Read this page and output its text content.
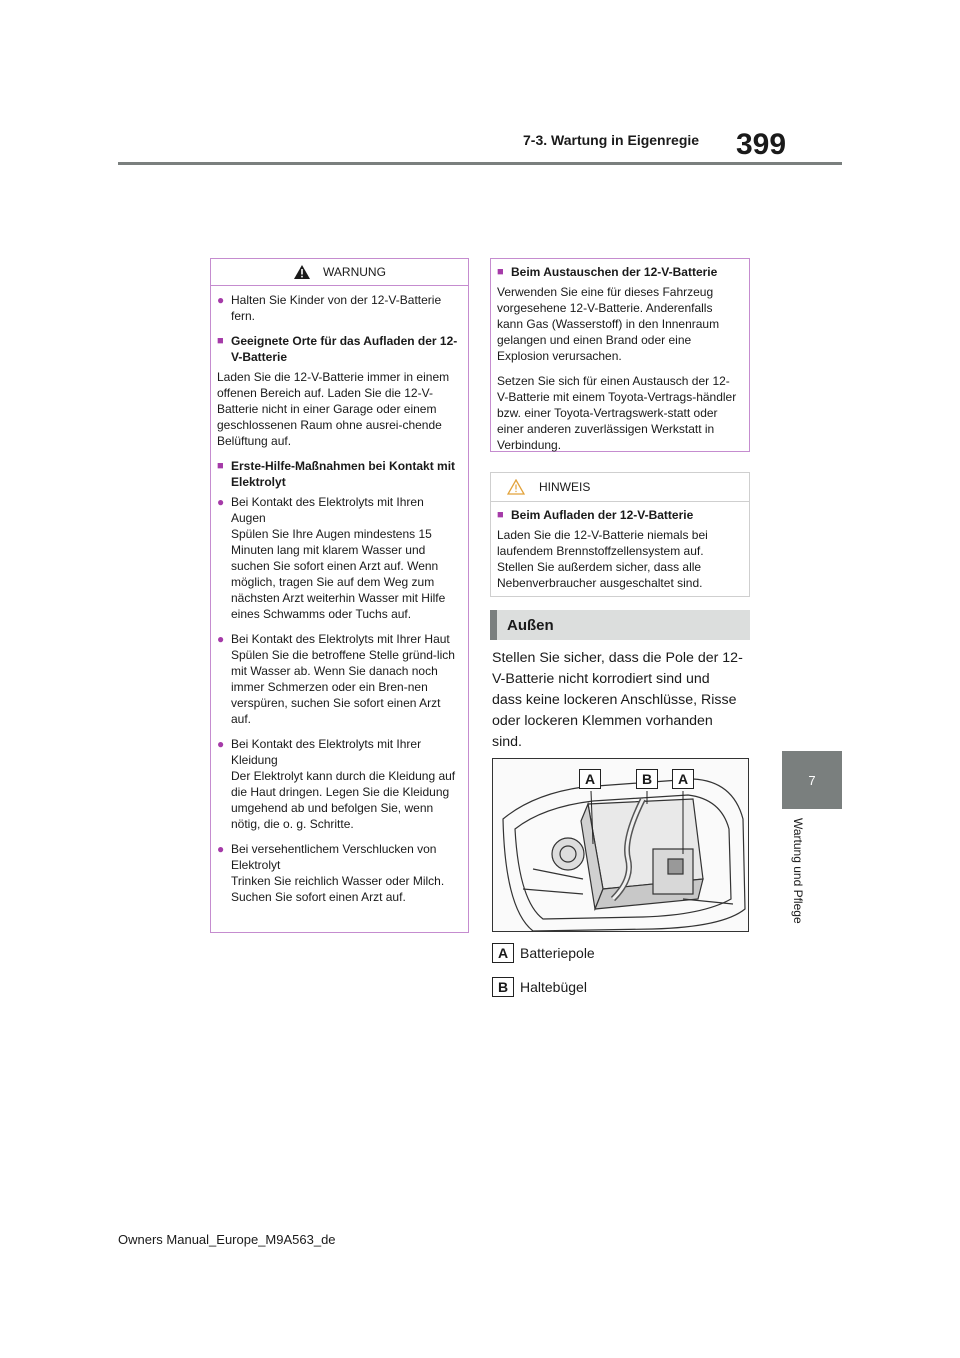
399
7-3. Wartung in Eigenregie
7
Wartung und Pflege
WARNUNG
● Halten Sie Kinder von der 12-V-Batterie fern.
■ Geeignete Orte für das Aufladen der 12-V-Batterie
Laden Sie die 12-V-Batterie immer in einem offenen Bereich auf. Laden Sie die 12-V-Batterie nicht in einer Garage oder einem geschlossenen Raum ohne ausrei-chende Belüftung auf.
■ Erste-Hilfe-Maßnahmen bei Kontakt mit Elektrolyt
● Bei Kontakt des Elektrolyts mit Ihren Augen
Spülen Sie Ihre Augen mindestens 15 Minuten lang mit klarem Wasser und suchen Sie sofort einen Arzt auf. Wenn möglich, tragen Sie auf dem Weg zum nächsten Arzt weiterhin Wasser mit Hilfe eines Schwamms oder Tuchs auf.
● Bei Kontakt des Elektrolyts mit Ihrer Haut
Spülen Sie die betroffene Stelle gründ-lich mit Wasser ab. Wenn Sie danach noch immer Schmerzen oder ein Bren-nen verspüren, suchen Sie sofort einen Arzt auf.
● Bei Kontakt des Elektrolyts mit Ihrer Kleidung
Der Elektrolyt kann durch die Kleidung auf die Haut dringen. Legen Sie die Kleidung umgehend ab und befolgen Sie, wenn nötig, die o. g. Schritte.
● Bei versehentlichem Verschlucken von Elektrolyt
Trinken Sie reichlich Wasser oder Milch. Suchen Sie sofort einen Arzt auf.
■ Beim Austauschen der 12-V-Batterie
Verwenden Sie eine für dieses Fahrzeug vorgesehene 12-V-Batterie. Anderenfalls kann Gas (Wasserstoff) in den Innenraum gelangen und einen Brand oder eine Explosion verursachen.
Setzen Sie sich für einen Austausch der 12-V-Batterie mit einem Toyota-Vertrags-händler bzw. einer Toyota-Vertragswerk-statt oder einer anderen zuverlässigen Werkstatt in Verbindung.
HINWEIS
■ Beim Aufladen der 12-V-Batterie
Laden Sie die 12-V-Batterie niemals bei laufendem Brennstoffzellensystem auf. Stellen Sie außerdem sicher, dass alle Nebenverbraucher ausgeschaltet sind.
Außen
Stellen Sie sicher, dass die Pole der 12-
V-Batterie nicht korrodiert sind und
dass keine lockeren Anschlüsse, Risse
oder lockeren Klemmen vorhanden
sind.
A	B	A
A Batteriepole
B Haltebügel
Owners Manual_Europe_M9A563_de
